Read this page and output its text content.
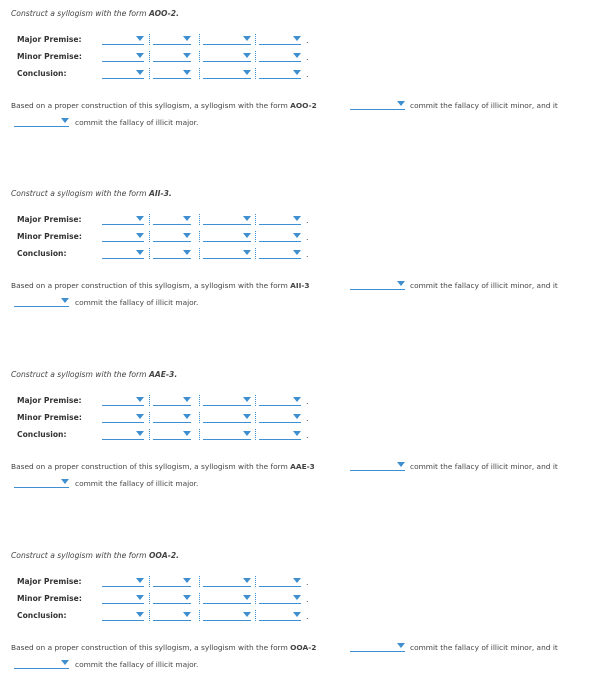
Construct a syllogism with the form AOO-2.
Major Premise:	.
Minor Premise:	.
Conclusion:	.
Based on a proper construction of this syllogism, a syllogism with the form AOO-2	commit the fallacy of illicit minor, and it
commit the fallacy of illicit major.
Construct a syllogism with the form AII-3.
Major Premise:	.
Minor Premise:	.
Conclusion:	.
Based on a proper construction of this syllogism, a syllogism with the form AII-3	commit the fallacy of illicit minor, and it
commit the fallacy of illicit major.
Construct a syllogism with the form AAE-3.
Major Premise:	.
Minor Premise:	.
Conclusion:	.
Based on a proper construction of this syllogism, a syllogism with the form AAE-3	commit the fallacy of illicit minor, and it
commit the fallacy of illicit major.
Construct a syllogism with the form OOA-2.
Major Premise:	.
Minor Premise:	.
Conclusion:	.
Based on a proper construction of this syllogism, a syllogism with the form OOA-2	commit the fallacy of illicit minor, and it
commit the fallacy of illicit major.
